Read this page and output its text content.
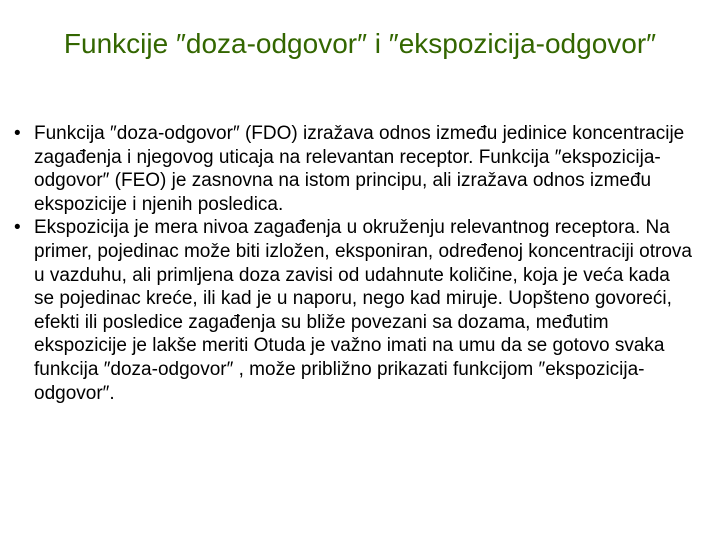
Funkcije ″doza-odgovor″ i ″ekspozicija-odgovor″
• Funkcija ″doza-odgovor″ (FDO) izražava odnos između jedinice koncentracije zagađenja i njegovog uticaja na relevantan receptor. Funkcija ″ekspozicija-odgovor″ (FEO) je zasnovna na istom principu, ali izražava odnos između ekspozicije i njenih posledica.
• Ekspozicija je mera nivoa zagađenja u okruženju relevantnog receptora. Na primer, pojedinac može biti izložen, eksponiran, određenoj koncentraciji otrova u vazduhu, ali primljena doza zavisi od udahnute količine, koja je veća kada se pojedinac kreće, ili kad je u naporu, nego kad miruje. Uopšteno govoreći, efekti ili posledice zagađenja su bliže povezani sa dozama, međutim ekspozicije je lakše meriti Otuda je važno imati na umu da se gotovo svaka funkcija ″doza-odgovor″ , može približno prikazati funkcijom ″ekspozicija-odgovor″.
